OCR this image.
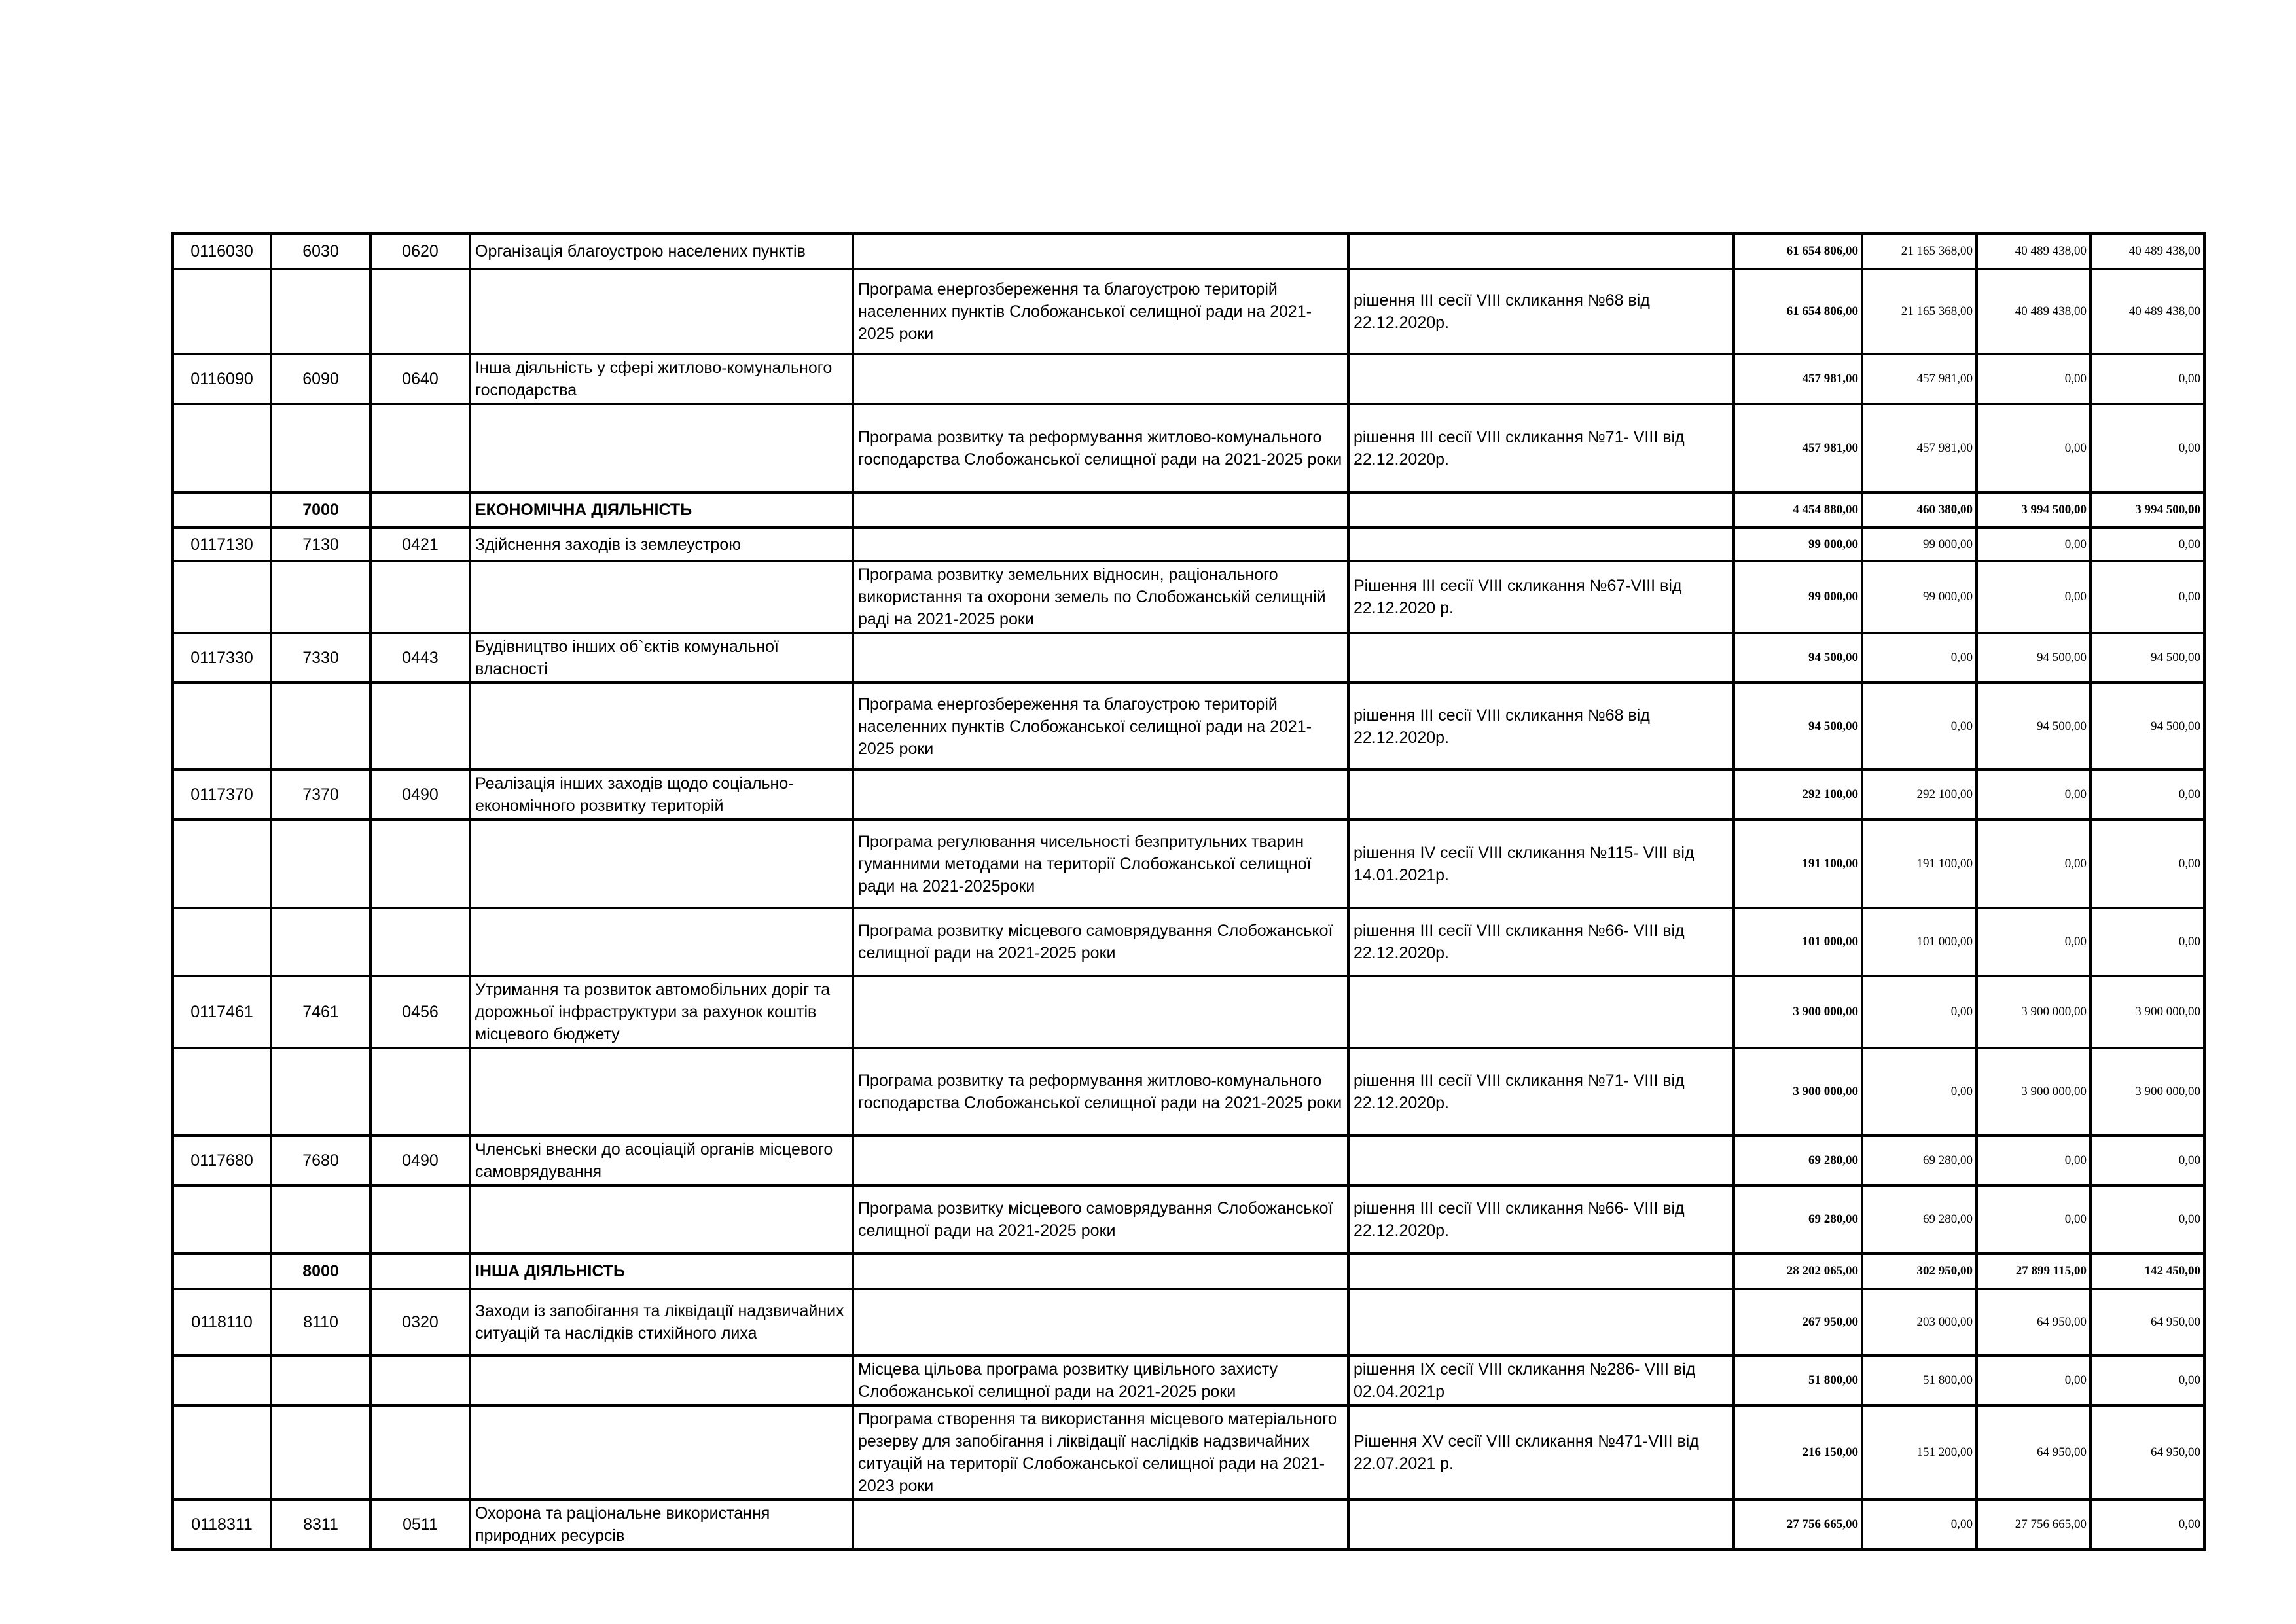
0116030	6030	0620	Організація благоустрою населених пунктів			61 654 806,00	21 165 368,00	40 489 438,00	40 489 438,00
				Програма енергозбереження та благоустрою територій населенних пунктів Слобожанської селищної ради на 2021-2025 роки	рішення ІІІ сесії VIII скликання №68 від 22.12.2020р.	61 654 806,00	21 165 368,00	40 489 438,00	40 489 438,00
0116090	6090	0640	Інша діяльність у сфері житлово-комунального господарства			457 981,00	457 981,00	0,00	0,00
				Програма розвитку та реформування житлово-комунального господарства Слобожанської селищної ради на 2021-2025 роки	рішення ІІІ сесії VIII скликання №71- VIII від 22.12.2020р.	457 981,00	457 981,00	0,00	0,00
	7000		ЕКОНОМІЧНА ДІЯЛЬНІСТЬ			4 454 880,00	460 380,00	3 994 500,00	3 994 500,00
0117130	7130	0421	Здійснення заходів із землеустрою			99 000,00	99 000,00	0,00	0,00
				Програма розвитку земельних відносин, раціонального використання та охорони земель по Слобожанській селищній раді на 2021-2025 роки	Рішення ІІІ сесії VIII скликання №67-VIII від 22.12.2020 р.	99 000,00	99 000,00	0,00	0,00
0117330	7330	0443	Будівництво інших об`єктів комунальної власності			94 500,00	0,00	94 500,00	94 500,00
				Програма енергозбереження та благоустрою територій населенних пунктів Слобожанської селищної ради на 2021-2025 роки	рішення ІІІ сесії VIII скликання №68 від 22.12.2020р.	94 500,00	0,00	94 500,00	94 500,00
0117370	7370	0490	Реалізація інших заходів щодо соціально-економічного розвитку територій			292 100,00	292 100,00	0,00	0,00
				Програма регулювання чисельності безпритульних тварин гуманними методами на території Слобожанської селищної ради на 2021-2025роки	рішення IV сесії VIII скликання №115- VIII від 14.01.2021р.	191 100,00	191 100,00	0,00	0,00
				Програма розвитку місцевого самоврядування Слобожанської селищної ради на 2021-2025 роки	рішення ІІІ сесії VIII скликання №66- VIII від 22.12.2020р.	101 000,00	101 000,00	0,00	0,00
0117461	7461	0456	Утримання та розвиток автомобільних доріг та дорожньої інфраструктури за рахунок коштів місцевого бюджету			3 900 000,00	0,00	3 900 000,00	3 900 000,00
				Програма розвитку та реформування житлово-комунального господарства Слобожанської селищної ради на 2021-2025 роки	рішення ІІІ сесії VIII скликання №71- VIII від 22.12.2020р.	3 900 000,00	0,00	3 900 000,00	3 900 000,00
0117680	7680	0490	Членські внески до асоціацій органів місцевого самоврядування			69 280,00	69 280,00	0,00	0,00
				Програма розвитку місцевого самоврядування Слобожанської селищної ради на 2021-2025 роки	рішення ІІІ сесії VIII скликання №66- VIII від 22.12.2020р.	69 280,00	69 280,00	0,00	0,00
	8000		ІНША ДІЯЛЬНІСТЬ			28 202 065,00	302 950,00	27 899 115,00	142 450,00
0118110	8110	0320	Заходи із запобігання та ліквідації надзвичайних ситуацій та наслідків стихійного лиха			267 950,00	203 000,00	64 950,00	64 950,00
				Місцева цільова програма розвитку цивільного захисту Слобожанської селищної ради на 2021-2025 роки	рішення ІХ сесії VIII скликання №286- VIII від 02.04.2021р	51 800,00	51 800,00	0,00	0,00
				Програма створення та використання місцевого матеріального резерву для запобігання і ліквідації наслідків надзвичайних ситуацій на території Слобожанської селищної ради на 2021-2023 роки	Рішення ХV сесії VIII скликання №471-VIII від 22.07.2021 р.	216 150,00	151 200,00	64 950,00	64 950,00
0118311	8311	0511	Охорона та раціональне використання природних ресурсів			27 756 665,00	0,00	27 756 665,00	0,00
